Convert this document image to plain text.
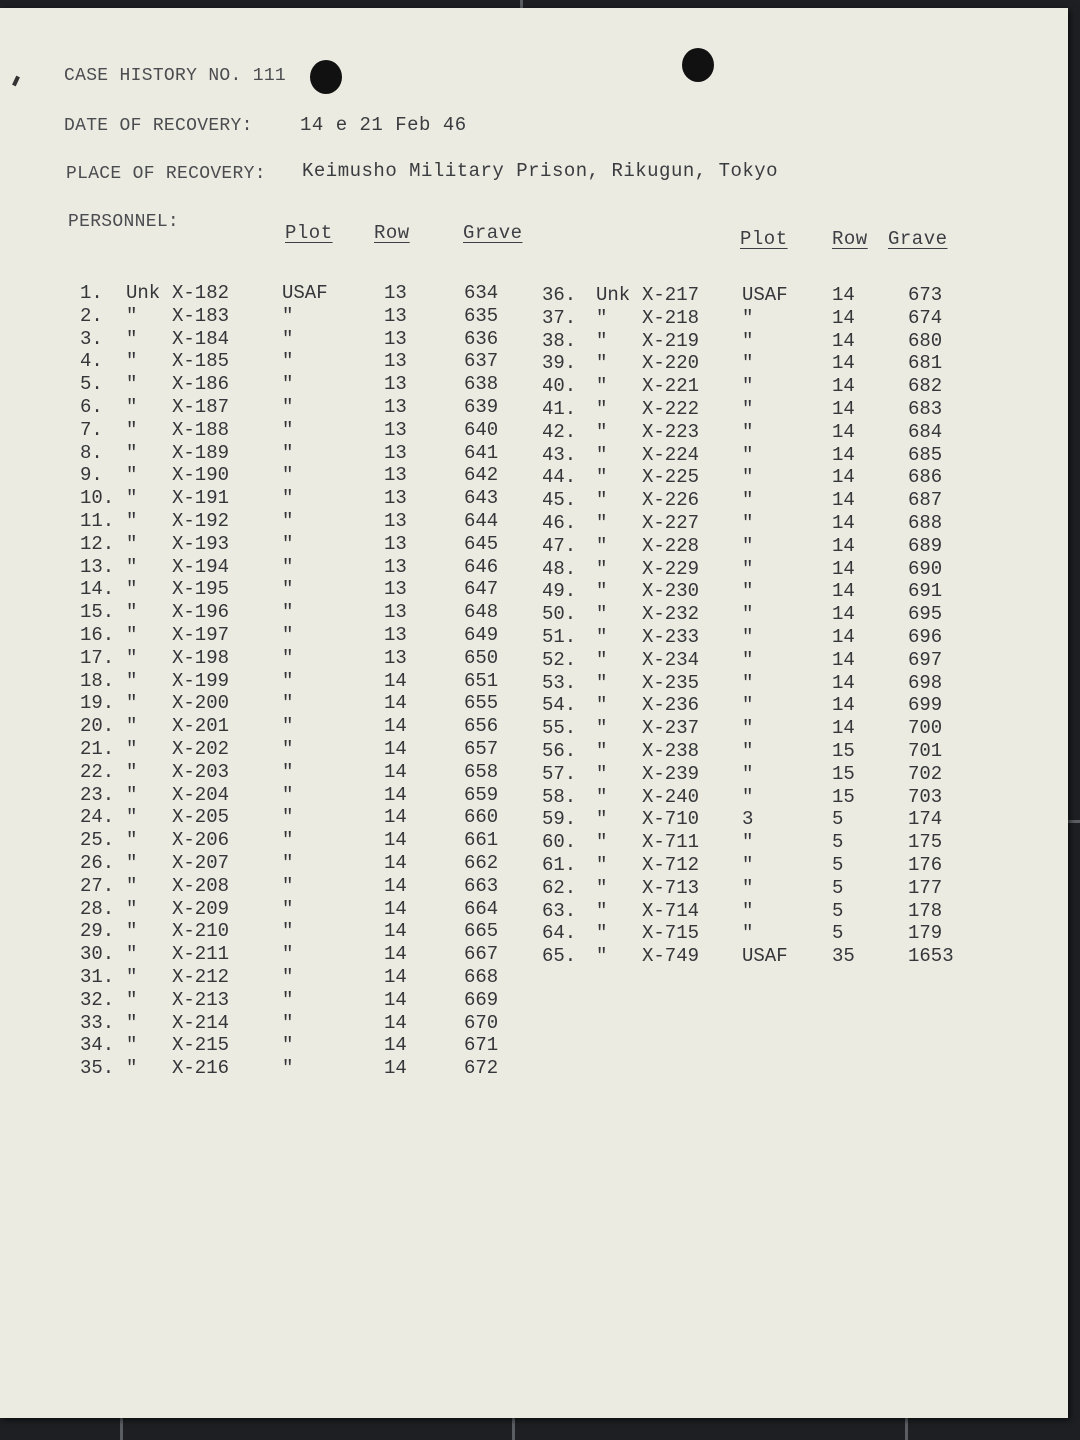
CASE HISTORY NO. 111
DATE OF RECOVERY: 14 e 21 Feb 46
PLACE OF RECOVERY: Keimusho Military Prison, Rikugun, Tokyo
PERSONNEL:	Plot Row	Grave	Plot Row Grave
1. Unk X-182	USAF	13	634
2. " X-183	"	13	635
3. " X-184	"	13	636
4. " X-185	"	13	637
5. " X-186	"	13	638
6. " X-187	"	13	639
7. " X-188	"	13	640
8. " X-189	"	13	641
9. " X-190	"	13	642
10. " X-191	"	13	643
11. " X-192	"	13	644
12. " X-193	"	13	645
13. " X-194	"	13	646
14. " X-195	"	13	647
15. " X-196	"	13	648
16. " X-197	"	13	649
17. " X-198	"	13	650
18. " X-199	"	14	651
19. " X-200	"	14	655
20. " X-201	"	14	656
21. " X-202	"	14	657
22. " X-203	"	14	658
23. " X-204	"	14	659
24. " X-205	"	14	660
25. " X-206	"	14	661
26. " X-207	"	14	662
27. " X-208	"	14	663
28. " X-209	"	14	664
29. " X-210	"	14	665
30. " X-211	"	14	667
31. " X-212	"	14	668
32. " X-213	"	14	669
33. " X-214	"	14	670
34. " X-215	"	14	671
35. " X-216	"	14	672
36. Unk X-217 USAF 14	673
37. " X-218 "	14	674
38. " X-219 "	14	680
39. " X-220 "	14	681
40. " X-221 "	14	682
41. " X-222 "	14	683
42. " X-223 "	14	684
43. " X-224 "	14	685
44. " X-225 "	14	686
45. " X-226 "	14	687
46. " X-227 "	14	688
47. " X-228 "	14	689
48. " X-229 "	14	690
49. " X-230 "	14	691
50. " X-232 "	14	695
51. " X-233 "	14	696
52. " X-234 "	14	697
53. " X-235 "	14	698
54. " X-236 "	14	699
55. " X-237 "	14	700
56. " X-238 "	15	701
57. " X-239 "	15	702
58. " X-240 "	15	703
59. " X-710 3	5	174
60. " X-711 "	5	175
61. " X-712 "	5	176
62. " X-713 "	5	177
63. " X-714 "	5	178
64. " X-715 "	5	179
65. " X-749 USAF 35	1653
